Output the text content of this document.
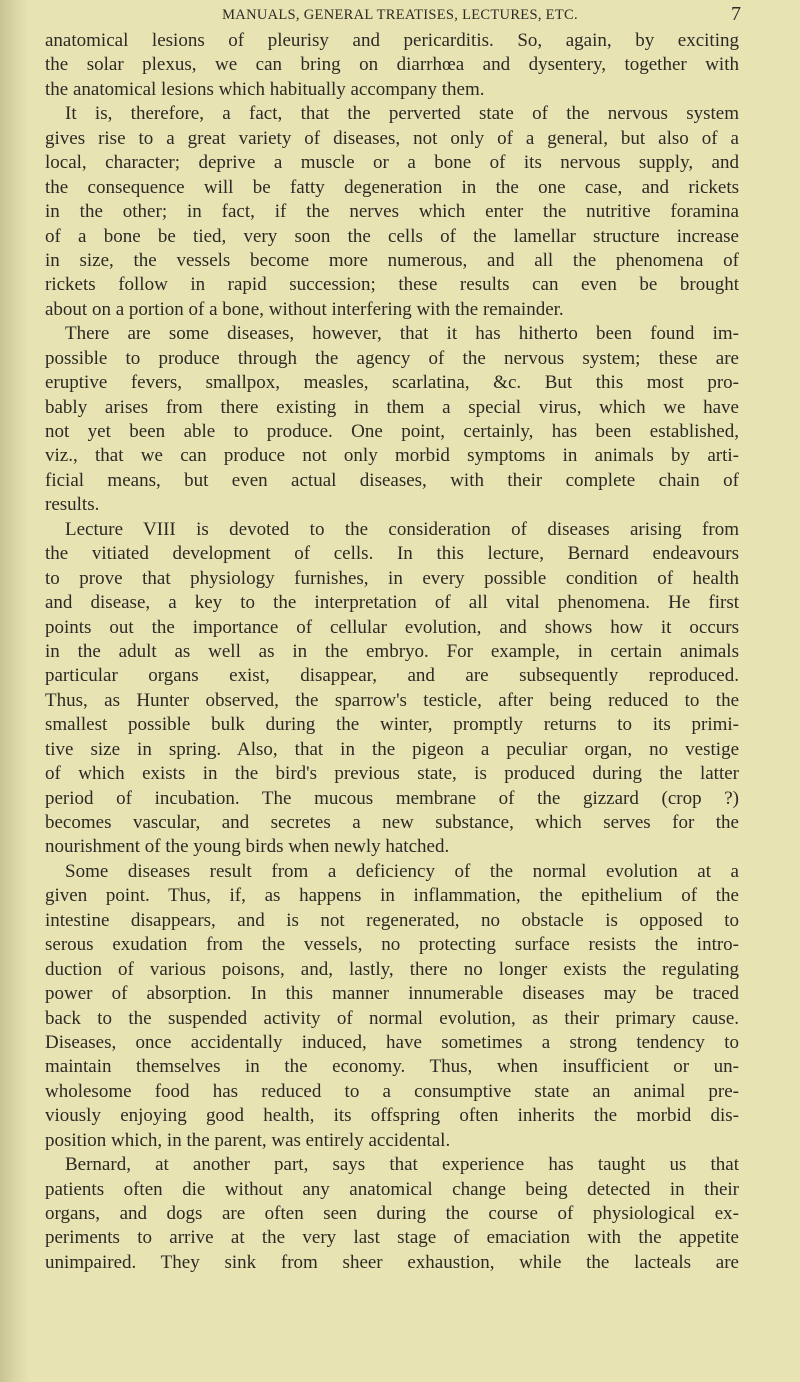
MANUALS, GENERAL TREATISES, LECTURES, ETC.	7
anatomical lesions of pleurisy and pericarditis. So, again, by exciting
the solar plexus, we can bring on diarrhœa and dysentery, together with
the anatomical lesions which habitually accompany them.
It is, therefore, a fact, that the perverted state of the nervous system
gives rise to a great variety of diseases, not only of a general, but also of a
local, character; deprive a muscle or a bone of its nervous supply, and
the consequence will be fatty degeneration in the one case, and rickets
in the other; in fact, if the nerves which enter the nutritive foramina
of a bone be tied, very soon the cells of the lamellar structure increase
in size, the vessels become more numerous, and all the phenomena of
rickets follow in rapid succession; these results can even be brought
about on a portion of a bone, without interfering with the remainder.
There are some diseases, however, that it has hitherto been found im-
possible to produce through the agency of the nervous system; these are
eruptive fevers, smallpox, measles, scarlatina, &c. But this most pro-
bably arises from there existing in them a special virus, which we have
not yet been able to produce. One point, certainly, has been established,
viz., that we can produce not only morbid symptoms in animals by arti-
ficial means, but even actual diseases, with their complete chain of
results.
Lecture VIII is devoted to the consideration of diseases arising from
the vitiated development of cells. In this lecture, Bernard endeavours
to prove that physiology furnishes, in every possible condition of health
and disease, a key to the interpretation of all vital phenomena. He first
points out the importance of cellular evolution, and shows how it occurs
in the adult as well as in the embryo. For example, in certain animals
particular organs exist, disappear, and are subsequently reproduced.
Thus, as Hunter observed, the sparrow's testicle, after being reduced to the
smallest possible bulk during the winter, promptly returns to its primi-
tive size in spring. Also, that in the pigeon a peculiar organ, no vestige
of which exists in the bird's previous state, is produced during the latter
period of incubation. The mucous membrane of the gizzard (crop ?)
becomes vascular, and secretes a new substance, which serves for the
nourishment of the young birds when newly hatched.
Some diseases result from a deficiency of the normal evolution at a
given point. Thus, if, as happens in inflammation, the epithelium of the
intestine disappears, and is not regenerated, no obstacle is opposed to
serous exudation from the vessels, no protecting surface resists the intro-
duction of various poisons, and, lastly, there no longer exists the regulating
power of absorption. In this manner innumerable diseases may be traced
back to the suspended activity of normal evolution, as their primary cause.
Diseases, once accidentally induced, have sometimes a strong tendency to
maintain themselves in the economy. Thus, when insufficient or un-
wholesome food has reduced to a consumptive state an animal pre-
viously enjoying good health, its offspring often inherits the morbid dis-
position which, in the parent, was entirely accidental.
Bernard, at another part, says that experience has taught us that
patients often die without any anatomical change being detected in their
organs, and dogs are often seen during the course of physiological ex-
periments to arrive at the very last stage of emaciation with the appetite
unimpaired. They sink from sheer exhaustion, while the lacteals are
